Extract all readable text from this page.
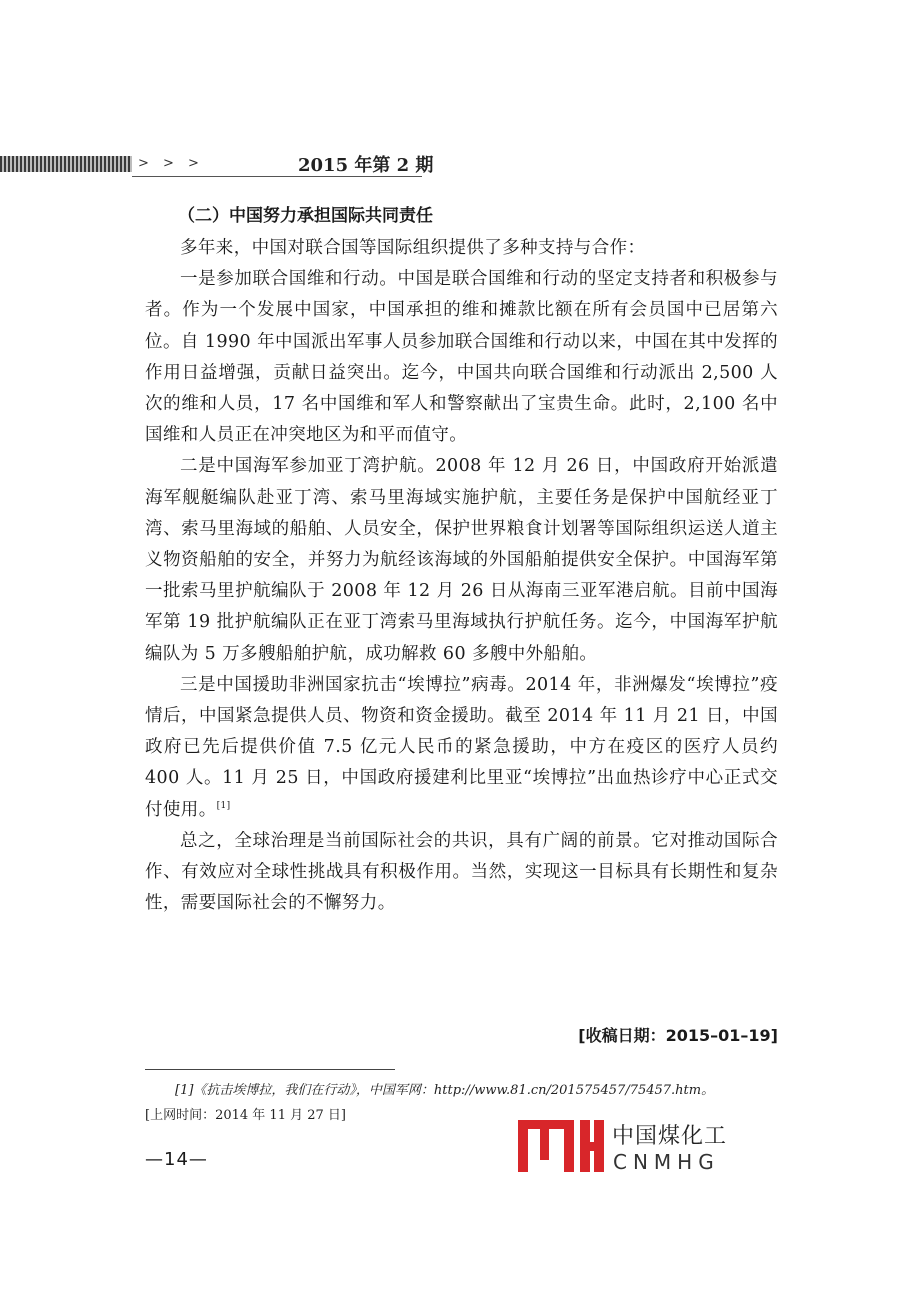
> > >	2015 年第 2 期
（二）中国努力承担国际共同责任

多年来，中国对联合国等国际组织提供了多种支持与合作：

一是参加联合国维和行动。中国是联合国维和行动的坚定支持者和积极参与者。作为一个发展中国家，中国承担的维和摊款比额在所有会员国中已居第六位。自 1990 年中国派出军事人员参加联合国维和行动以来，中国在其中发挥的作用日益增强，贡献日益突出。迄今，中国共向联合国维和行动派出 2,500 人次的维和人员，17 名中国维和军人和警察献出了宝贵生命。此时，2,100 名中国维和人员正在冲突地区为和平而值守。

二是中国海军参加亚丁湾护航。2008 年 12 月 26 日，中国政府开始派遣海军舰艇编队赴亚丁湾、索马里海域实施护航，主要任务是保护中国航经亚丁湾、索马里海域的船舶、人员安全，保护世界粮食计划署等国际组织运送人道主义物资船舶的安全，并努力为航经该海域的外国船舶提供安全保护。中国海军第一批索马里护航编队于 2008 年 12 月 26 日从海南三亚军港启航。目前中国海军第 19 批护航编队正在亚丁湾索马里海域执行护航任务。迄今，中国海军护航编队为 5 万多艘船舶护航，成功解救 60 多艘中外船舶。

三是中国援助非洲国家抗击“埃博拉”病毒。2014 年，非洲爆发“埃博拉”疫情后，中国紧急提供人员、物资和资金援助。截至 2014 年 11 月 21 日，中国政府已先后提供价值 7.5 亿元人民币的紧急援助，中方在疫区的医疗人员约 400 人。11 月 25 日，中国政府援建利比里亚“埃博拉”出血热诊疗中心正式交付使用。[1]

总之，全球治理是当前国际社会的共识，具有广阔的前景。它对推动国际合作、有效应对全球性挑战具有积极作用。当然，实现这一目标具有长期性和复杂性，需要国际社会的不懈努力。

[收稿日期：2015–01–19]
[1]《抗击埃博拉，我们在行动》，中国军网：http://www.81.cn/201575457/75457.htm。
[上网时间：2014 年 11 月 27 日]
—14—
中国煤化工
CNMHG
